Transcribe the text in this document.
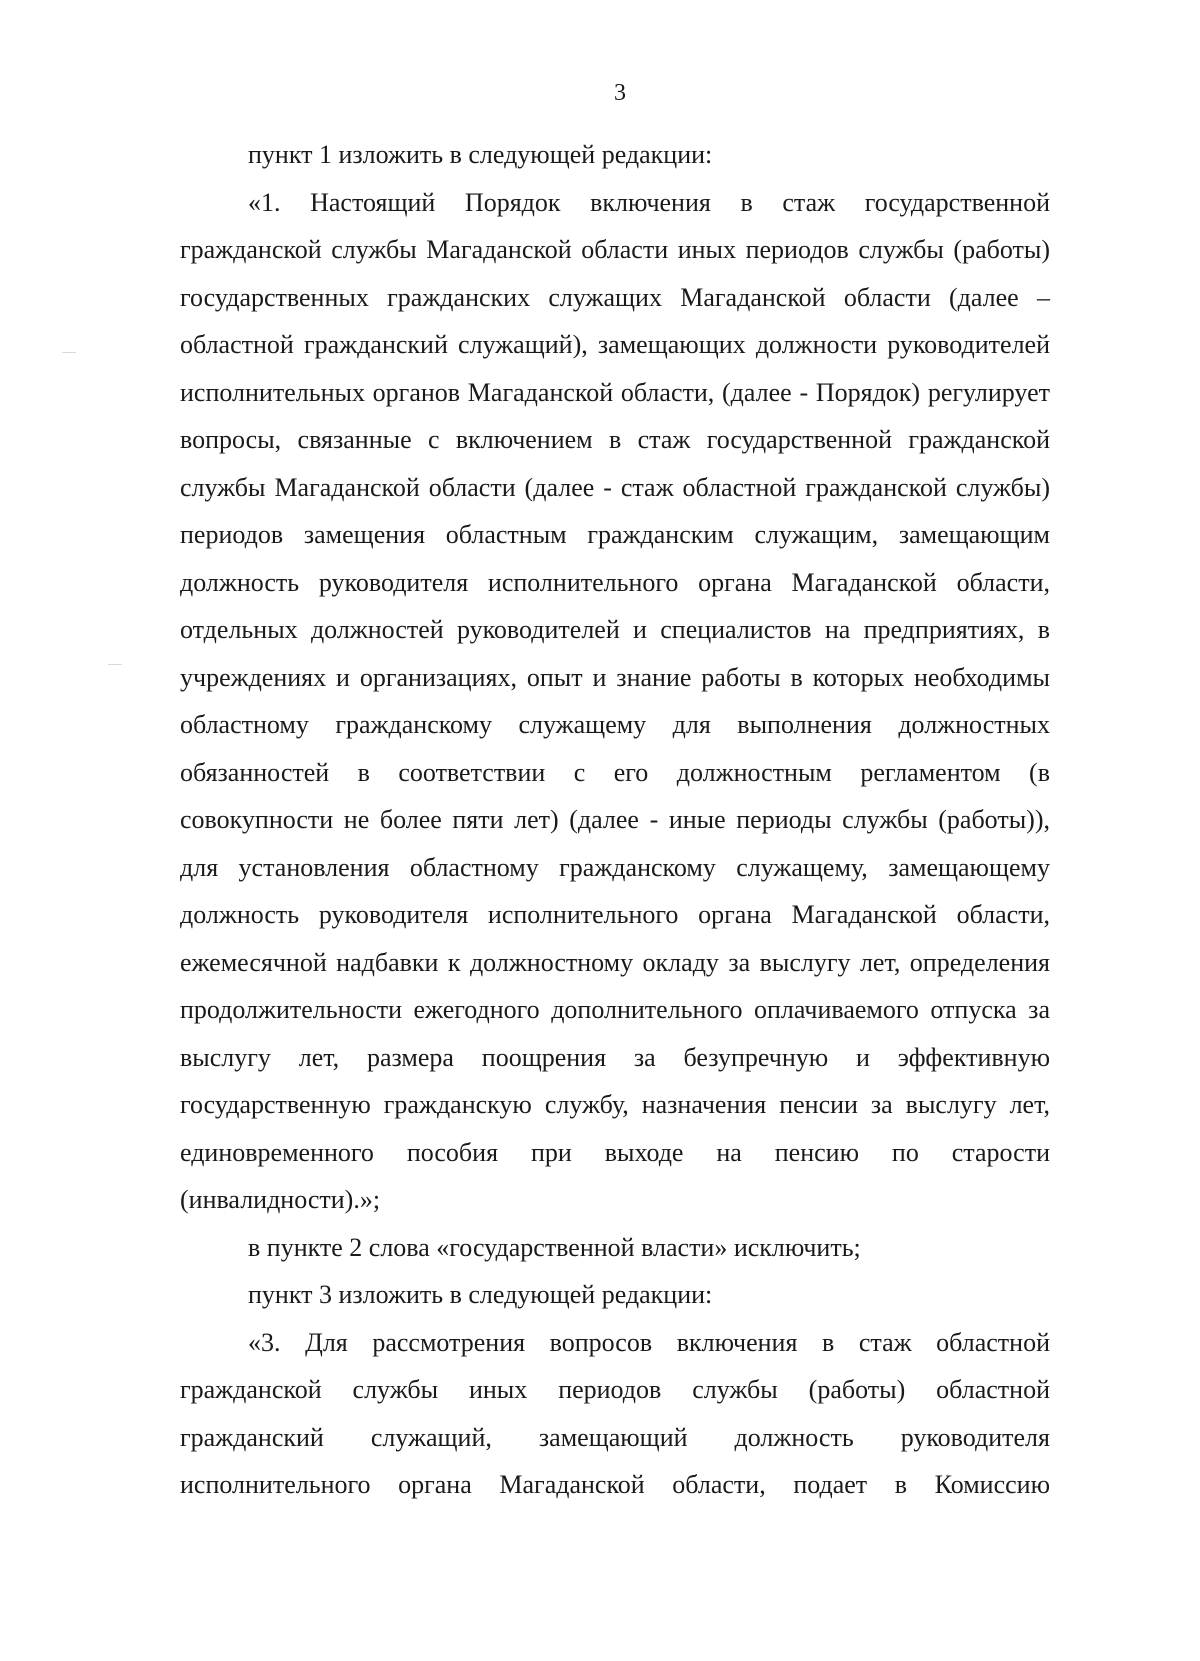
3

пункт 1 изложить в следующей редакции:

«1. Настоящий Порядок включения в стаж государственной гражданской службы Магаданской области иных периодов службы (работы) государственных гражданских служащих Магаданской области (далее – областной гражданский служащий), замещающих должности руководителей исполнительных органов Магаданской области, (далее - Порядок) регулирует вопросы, связанные с включением в стаж государственной гражданской службы Магаданской области (далее - стаж областной гражданской службы) периодов замещения областным гражданским служащим, замещающим должность руководителя исполнительного органа Магаданской области, отдельных должностей руководителей и специалистов на предприятиях, в учреждениях и организациях, опыт и знание работы в которых необходимы областному гражданскому служащему для выполнения должностных обязанностей в соответствии с его должностным регламентом (в совокупности не более пяти лет) (далее - иные периоды службы (работы)), для установления областному гражданскому служащему, замещающему должность руководителя исполнительного органа Магаданской области, ежемесячной надбавки к должностному окладу за выслугу лет, определения продолжительности ежегодного дополнительного оплачиваемого отпуска за выслугу лет, размера поощрения за безупречную и эффективную государственную гражданскую службу, назначения пенсии за выслугу лет, единовременного пособия при выходе на пенсию по старости (инвалидности).»;

в пункте 2 слова «государственной власти» исключить;

пункт 3 изложить в следующей редакции:

«3. Для рассмотрения вопросов включения в стаж областной гражданской службы иных периодов службы (работы) областной гражданский служащий, замещающий должность руководителя исполнительного органа Магаданской области, подает в Комиссию
